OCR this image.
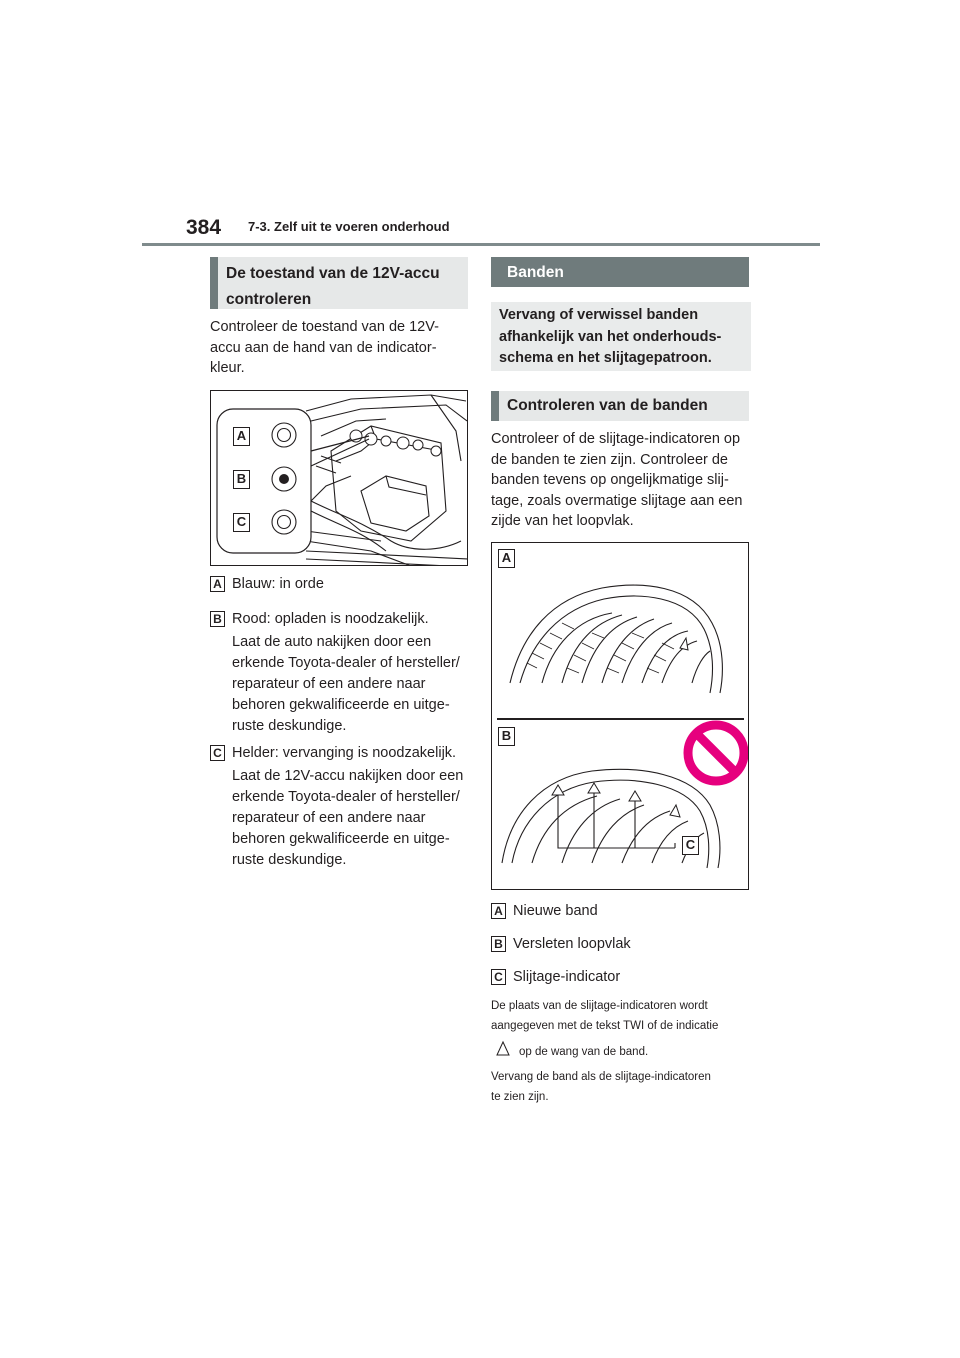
384 7-3. Zelf uit te voeren onderhoud
De toestand van de 12V-accu
controleren
Controleer de toestand van de 12V-
accu aan de hand van de indicator-
kleur.
A
B
C
A Blauw: in orde
B Rood: opladen is noodzakelijk.
Laat de auto nakijken door een
erkende Toyota-dealer of hersteller/
reparateur of een andere naar
behoren gekwalificeerde en uitge-
ruste deskundige.
C Helder: vervanging is noodzakelijk.
Laat de 12V-accu nakijken door een
erkende Toyota-dealer of hersteller/
reparateur of een andere naar
behoren gekwalificeerde en uitge-
ruste deskundige.
Banden
Vervang of verwissel banden
afhankelijk van het onderhouds-
schema en het slijtagepatroon.
Controleren van de banden
Controleer of de slijtage-indicatoren op
de banden te zien zijn. Controleer de
banden tevens op ongelijkmatige slij-
tage, zoals overmatige slijtage aan een
zijde van het loopvlak.
A
B
C
A Nieuwe band
B Versleten loopvlak
C Slijtage-indicator
De plaats van de slijtage-indicatoren wordt
aangegeven met de tekst TWI of de indicatie
op de wang van de band.
Vervang de band als de slijtage-indicatoren
te zien zijn.
